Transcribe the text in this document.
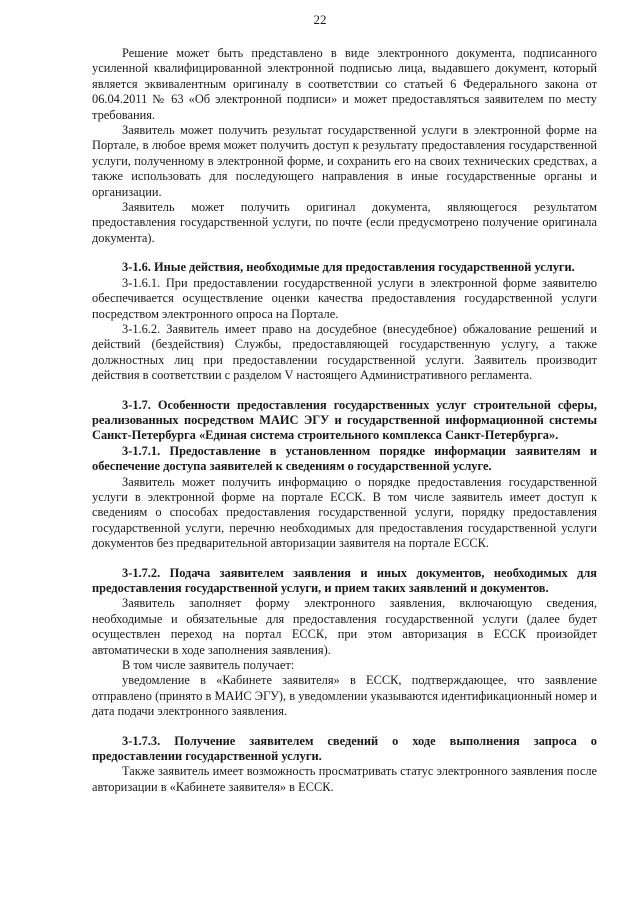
22

Решение может быть представлено в виде электронного документа, подписанного усиленной квалифицированной электронной подписью лица, выдавшего документ, который является эквивалентным оригиналу в соответствии со статьей 6 Федерального закона от 06.04.2011 № 63 «Об электронной подписи» и может предоставляться заявителем по месту требования.

Заявитель может получить результат государственной услуги в электронной форме на Портале, в любое время может получить доступ к результату предоставления государственной услуги, полученному в электронной форме, и сохранить его на своих технических средствах, а также использовать для последующего направления в иные государственные органы и организации.

Заявитель может получить оригинал документа, являющегося результатом предоставления государственной услуги, по почте (если предусмотрено получение оригинала документа).

3-1.6. Иные действия, необходимые для предоставления государственной услуги.

3-1.6.1. При предоставлении государственной услуги в электронной форме заявителю обеспечивается осуществление оценки качества предоставления государственной услуги посредством электронного опроса на Портале.

3-1.6.2. Заявитель имеет право на досудебное (внесудебное) обжалование решений и действий (бездействия) Службы, предоставляющей государственную услугу, а также должностных лиц при предоставлении государственной услуги. Заявитель производит действия в соответствии с разделом V настоящего Административного регламента.

3-1.7. Особенности предоставления государственных услуг строительной сферы, реализованных посредством МАИС ЭГУ и государственной информационной системы Санкт-Петербурга «Единая система строительного комплекса Санкт-Петербурга».

3-1.7.1. Предоставление в установленном порядке информации заявителям и обеспечение доступа заявителей к сведениям о государственной услуге.

Заявитель может получить информацию о порядке предоставления государственной услуги в электронной форме на портале ЕССК. В том числе заявитель имеет доступ к сведениям о способах предоставления государственной услуги, порядку предоставления государственной услуги, перечню необходимых для предоставления государственной услуги документов без предварительной авторизации заявителя на портале ЕССК.

3-1.7.2. Подача заявителем заявления и иных документов, необходимых для предоставления государственной услуги, и прием таких заявлений и документов.

Заявитель заполняет форму электронного заявления, включающую сведения, необходимые и обязательные для предоставления государственной услуги (далее будет осуществлен переход на портал ЕССК, при этом авторизация в ЕССК произойдет автоматически в ходе заполнения заявления).

В том числе заявитель получает:

уведомление в «Кабинете заявителя» в ЕССК, подтверждающее, что заявление отправлено (принято в МАИС ЭГУ), в уведомлении указываются идентификационный номер и дата подачи электронного заявления.

3-1.7.3. Получение заявителем сведений о ходе выполнения запроса о предоставлении государственной услуги.

Также заявитель имеет возможность просматривать статус электронного заявления после авторизации в «Кабинете заявителя» в ЕССК.
